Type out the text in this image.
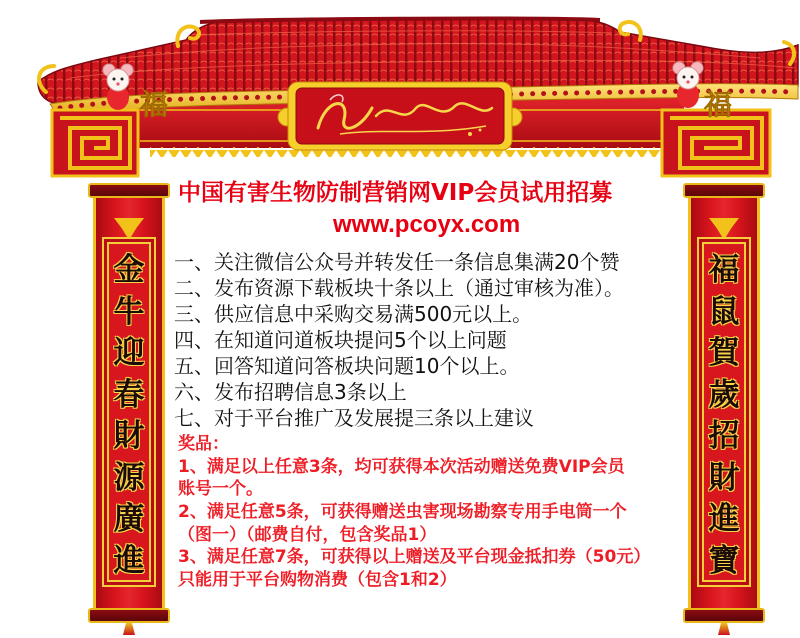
福	福
金
牛
迎
春
財
源
廣
進
福
鼠
賀
歲
招
財
進
寶
中国有害生物防制营销网VIP会员试用招募
www.pcoyx.com
一、关注微信公众号并转发任一条信息集满20个赞
二、发布资源下载板块十条以上（通过审核为准）。
三、供应信息中采购交易满500元以上。
四、在知道问道板块提问5个以上问题
五、回答知道问答板块问题10个以上。
六、发布招聘信息3条以上
七、对于平台推广及发展提三条以上建议
奖品：
1、满足以上任意3条，均可获得本次活动赠送免费VIP会员
账号一个。
2、满足任意5条，可获得赠送虫害现场勘察专用手电筒一个
（图一）（邮费自付，包含奖品1）
3、满足任意7条，可获得以上赠送及平台现金抵扣券（50元）
只能用于平台购物消费（包含1和2）
